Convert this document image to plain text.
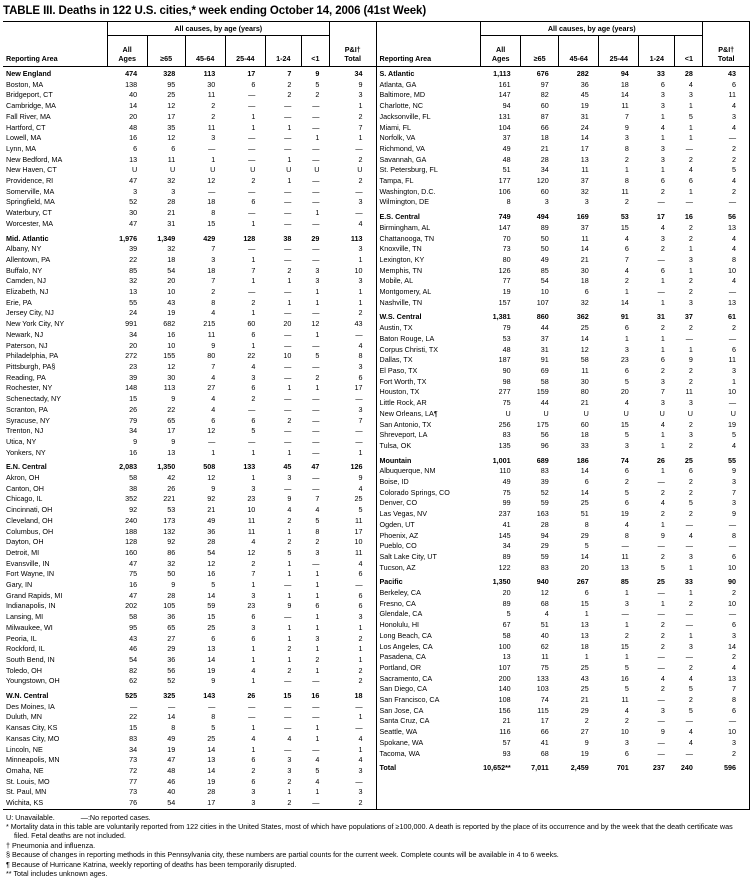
TABLE III. Deaths in 122 U.S. cities,* week ending October 14, 2006 (41st Week)
	All causes, by age (years)						
Reporting Area	All
Ages	≥65	45-64	25-44	1-24	<1	P&I†
Total

New England	474	328	113	17	7	9	34
Boston, MA	138	95	30	6	2	5	9
Bridgeport, CT	40	25	11	—	2	2	3
Cambridge, MA	14	12	2	—	—	—	1
Fall River, MA	20	17	2	1	—	—	2
Hartford, CT	48	35	11	1	1	—	7
Lowell, MA	16	12	3	—	—	1	1
Lynn, MA	6	6	—	—	—	—	—
New Bedford, MA	13	11	1	—	1	—	2
New Haven, CT	U	U	U	U	U	U	U
Providence, RI	47	32	12	2	1	—	2
Somerville, MA	3	3	—	—	—	—	—
Springfield, MA	52	28	18	6	—	—	3
Waterbury, CT	30	21	8	—	—	1	—
Worcester, MA	47	31	15	1	—	—	4
Mid. Atlantic	1,976	1,349	429	128	38	29	113
Albany, NY	39	32	7	—	—	—	3
Allentown, PA	22	18	3	1	—	—	1
Buffalo, NY	85	54	18	7	2	3	10
Camden, NJ	32	20	7	1	1	3	3
Elizabeth, NJ	13	10	2	—	—	1	1
Erie, PA	55	43	8	2	1	1	1
Jersey City, NJ	24	19	4	1	—	—	2
New York City, NY	991	682	215	60	20	12	43
Newark, NJ	34	16	11	6	—	1	—
Paterson, NJ	20	10	9	1	—	—	4
Philadelphia, PA	272	155	80	22	10	5	8
Pittsburgh, PA§	23	12	7	4	—	—	3
Reading, PA	39	30	4	3	—	2	6
Rochester, NY	148	113	27	6	1	1	17
Schenectady, NY	15	9	4	2	—	—	—
Scranton, PA	26	22	4	—	—	—	3
Syracuse, NY	79	65	6	6	2	—	7
Trenton, NJ	34	17	12	5	—	—	—
Utica, NY	9	9	—	—	—	—	—
Yonkers, NY	16	13	1	1	1	—	1
E.N. Central	2,083	1,350	508	133	45	47	126
Akron, OH	58	42	12	1	3	—	9
Canton, OH	38	26	9	3	—	—	4
Chicago, IL	352	221	92	23	9	7	25
Cincinnati, OH	92	53	21	10	4	4	5
Cleveland, OH	240	173	49	11	2	5	11
Columbus, OH	188	132	36	11	1	8	17
Dayton, OH	128	92	28	4	2	2	10
Detroit, MI	160	86	54	12	5	3	11
Evansville, IN	47	32	12	2	1	—	4
Fort Wayne, IN	75	50	16	7	1	1	6
Gary, IN	16	9	5	1	—	1	—
Grand Rapids, MI	47	28	14	3	1	1	6
Indianapolis, IN	202	105	59	23	9	6	6
Lansing, MI	58	36	15	6	—	1	3
Milwaukee, WI	95	65	25	3	1	1	1
Peoria, IL	43	27	6	6	1	3	2
Rockford, IL	46	29	13	1	2	1	1
South Bend, IN	54	36	14	1	1	2	1
Toledo, OH	82	56	19	4	2	1	2
Youngstown, OH	62	52	9	1	—	—	2
W.N. Central	525	325	143	26	15	16	18
Des Moines, IA	—	—	—	—	—	—	—
Duluth, MN	22	14	8	—	—	—	1
Kansas City, KS	15	8	5	1	—	1	—
Kansas City, MO	83	49	25	4	4	1	4
Lincoln, NE	34	19	14	1	—	—	1
Minneapolis, MN	73	47	13	6	3	4	4
Omaha, NE	72	48	14	2	3	5	3
St. Louis, MO	77	46	19	6	2	4	—
St. Paul, MN	73	40	28	3	1	1	3
Wichita, KS	76	54	17	3	2	—	2
	All causes, by age (years)						
Reporting Area	All
Ages	≥65	45-64	25-44	1-24	<1	P&I†
Total

S. Atlantic	1,113	676	282	94	33	28	43
Atlanta, GA	161	97	36	18	6	4	6
Baltimore, MD	147	82	45	14	3	3	11
Charlotte, NC	94	60	19	11	3	1	4
Jacksonville, FL	131	87	31	7	1	5	3
Miami, FL	104	66	24	9	4	1	4
Norfolk, VA	37	18	14	3	1	1	—
Richmond, VA	49	21	17	8	3	—	2
Savannah, GA	48	28	13	2	3	2	2
St. Petersburg, FL	51	34	11	1	1	4	5
Tampa, FL	177	120	37	8	6	6	4
Washington, D.C.	106	60	32	11	2	1	2
Wilmington, DE	8	3	3	2	—	—	—
E.S. Central	749	494	169	53	17	16	56
Birmingham, AL	147	89	37	15	4	2	13
Chattanooga, TN	70	50	11	4	3	2	4
Knoxville, TN	73	50	14	6	2	1	4
Lexington, KY	80	49	21	7	—	3	8
Memphis, TN	126	85	30	4	6	1	10
Mobile, AL	77	54	18	2	1	2	4
Montgomery, AL	19	10	6	1	—	2	—
Nashville, TN	157	107	32	14	1	3	13
W.S. Central	1,381	860	362	91	31	37	61
Austin, TX	79	44	25	6	2	2	2
Baton Rouge, LA	53	37	14	1	1	—	—
Corpus Christi, TX	48	31	12	3	1	1	6
Dallas, TX	187	91	58	23	6	9	11
El Paso, TX	90	69	11	6	2	2	3
Fort Worth, TX	98	58	30	5	3	2	1
Houston, TX	277	159	80	20	7	11	10
Little Rock, AR	75	44	21	4	3	3	—
New Orleans, LA¶	U	U	U	U	U	U	U
San Antonio, TX	256	175	60	15	4	2	19
Shreveport, LA	83	56	18	5	1	3	5
Tulsa, OK	135	96	33	3	1	2	4
Mountain	1,001	689	186	74	26	25	55
Albuquerque, NM	110	83	14	6	1	6	9
Boise, ID	49	39	6	2	—	2	3
Colorado Springs, CO	75	52	14	5	2	2	7
Denver, CO	99	59	25	6	4	5	3
Las Vegas, NV	237	163	51	19	2	2	9
Ogden, UT	41	28	8	4	1	—	—
Phoenix, AZ	145	94	29	8	9	4	8
Pueblo, CO	34	29	5	—	—	—	—
Salt Lake City, UT	89	59	14	11	2	3	6
Tucson, AZ	122	83	20	13	5	1	10
Pacific	1,350	940	267	85	25	33	90
Berkeley, CA	20	12	6	1	—	1	2
Fresno, CA	89	68	15	3	1	2	10
Glendale, CA	5	4	1	—	—	—	—
Honolulu, HI	67	51	13	1	2	—	6
Long Beach, CA	58	40	13	2	2	1	3
Los Angeles, CA	100	62	18	15	2	3	14
Pasadena, CA	13	11	1	1	—	—	2
Portland, OR	107	75	25	5	—	2	4
Sacramento, CA	200	133	43	16	4	4	13
San Diego, CA	140	103	25	5	2	5	7
San Francisco, CA	108	74	21	11	—	2	8
San Jose, CA	156	115	29	4	3	5	6
Santa Cruz, CA	21	17	2	2	—	—	—
Seattle, WA	116	66	27	10	9	4	10
Spokane, WA	57	41	9	3	—	4	3
Tacoma, WA	93	68	19	6	—	—	2
Total	10,652**	7,011	2,459	701	237	240	596
U: Unavailable.	—:No reported cases.
* Mortality data in this table are voluntarily reported from 122 cities in the United States, most of which have populations of ≥100,000. A death is reported by the place of its occurrence and by the week that the death certificate was filed. Fetal deaths are not included.
† Pneumonia and influenza.
§ Because of changes in reporting methods in this Pennsylvania city, these numbers are partial counts for the current week. Complete counts will be available in 4 to 6 weeks.
¶ Because of Hurricane Katrina, weekly reporting of deaths has been temporarily disrupted.
** Total includes unknown ages.
